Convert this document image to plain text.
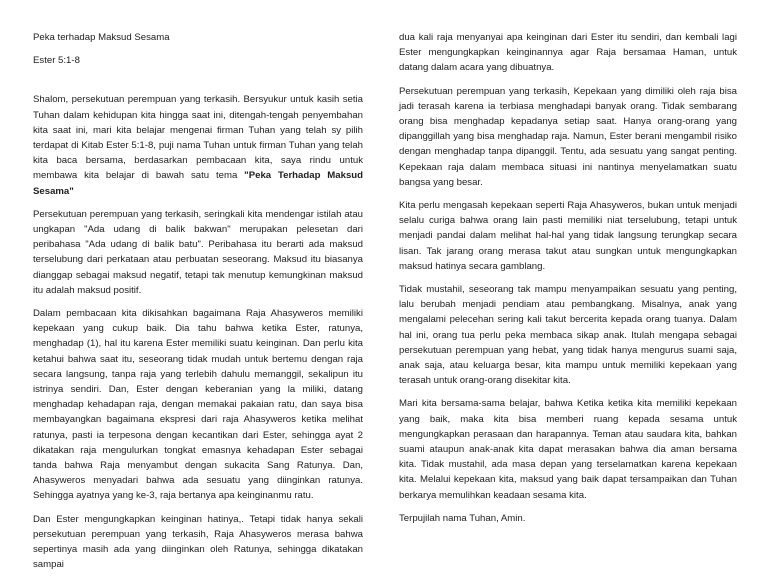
Peka terhadap Maksud Sesama
Ester 5:1-8

Shalom, persekutuan perempuan yang terkasih. Bersyukur untuk kasih setia Tuhan dalam kehidupan kita hingga saat ini, ditengah-tengah penyembahan kita saat ini, mari kita belajar mengenai firman Tuhan yang telah sy pilih terdapat di Kitab Ester 5:1-8, puji nama Tuhan untuk firman Tuhan yang telah kita baca bersama, berdasarkan pembacaan kita, saya rindu untuk membawa kita belajar di bawah satu tema "Peka Terhadap Maksud Sesama"

Persekutuan perempuan yang terkasih, seringkali kita mendengar istilah atau ungkapan "Ada udang di balik bakwan" merupakan pelesetan dari peribahasa "Ada udang di balik batu". Peribahasa itu berarti ada maksud terselubung dari perkataan atau perbuatan seseorang. Maksud itu biasanya dianggap sebagai maksud negatif, tetapi tak menutup kemungkinan maksud itu adalah maksud positif.

Dalam pembacaan kita dikisahkan bagaimana Raja Ahasyweros memiliki kepekaan yang cukup baik. Dia tahu bahwa ketika Ester, ratunya, menghadap (1), hal itu karena Ester memiliki suatu keinginan. Dan perlu kita ketahui bahwa saat itu, seseorang tidak mudah untuk bertemu dengan raja secara langsung, tanpa raja yang terlebih dahulu memanggil, sekalipun itu istrinya sendiri. Dan, Ester dengan keberanian yang la miliki, datang menghadap kehadapan raja, dengan memakai pakaian ratu, dan saya bisa membayangkan bagaimana ekspresi dari raja Ahasyweros ketika melihat ratunya, pasti ia terpesona dengan kecantikan dari Ester, sehingga ayat 2 dikatakan raja mengulurkan tongkat emasnya kehadapan Ester sebagai tanda bahwa Raja menyambut dengan sukacita Sang Ratunya. Dan, Ahasyweros menyadari bahwa ada sesuatu yang diinginkan ratunya. Sehingga ayatnya yang ke-3, raja bertanya apa keinginanmu ratu.

Dan Ester mengungkapkan keinginan hatinya,. Tetapi tidak hanya sekali persekutuan perempuan yang terkasih, Raja Ahasyweros merasa bahwa sepertinya masih ada yang diinginkan oleh Ratunya, sehingga dikatakan sampai

dua kali raja menyanyai apa keinginan dari Ester itu sendiri, dan kembali lagi Ester mengungkapkan keinginannya agar Raja bersamaa Haman, untuk datang dalam acara yang dibuatnya.

Persekutuan perempuan yang terkasih, Kepekaan yang dimiliki oleh raja bisa jadi terasah karena ia terbiasa menghadapi banyak orang. Tidak sembarang orang bisa menghadap kepadanya setiap saat. Hanya orang-orang yang dipanggillah yang bisa menghadap raja. Namun, Ester berani mengambil risiko dengan menghadap tanpa dipanggil. Tentu, ada sesuatu yang sangat penting. Kepekaan raja dalam membaca situasi ini nantinya menyelamatkan suatu bangsa yang besar.

Kita perlu mengasah kepekaan seperti Raja Ahasyweros, bukan untuk menjadi selalu curiga bahwa orang lain pasti memiliki niat terselubung, tetapi untuk menjadi pandai dalam melihat hal-hal yang tidak langsung terungkap secara lisan. Tak jarang orang merasa takut atau sungkan untuk mengungkapkan maksud hatinya secara gamblang.

Tidak mustahil, seseorang tak mampu menyampaikan sesuatu yang penting, lalu berubah menjadi pendiam atau pembangkang. Misalnya, anak yang mengalami pelecehan sering kali takut bercerita kepada orang tuanya. Dalam hal ini, orang tua perlu peka membaca sikap anak. Itulah mengapa sebagai persekutuan perempuan yang hebat, yang tidak hanya mengurus suami saja, anak saja, atau keluarga besar, kita mampu untuk memiliki kepekaan yang terasah untuk orang-orang disekitar kita.

Mari kita bersama-sama belajar, bahwa Ketika ketika kita memiliki kepekaan yang baik, maka kita bisa memberi ruang kepada sesama untuk mengungkapkan perasaan dan harapannya. Teman atau saudara kita, bahkan suami ataupun anak-anak kita dapat merasakan bahwa dia aman bersama kita. Tidak mustahil, ada masa depan yang terselamatkan karena kepekaan kita. Melalui kepekaan kita, maksud yang baik dapat tersampaikan dan Tuhan berkarya memulihkan keadaan sesama kita.

Terpujilah nama Tuhan, Amin.
